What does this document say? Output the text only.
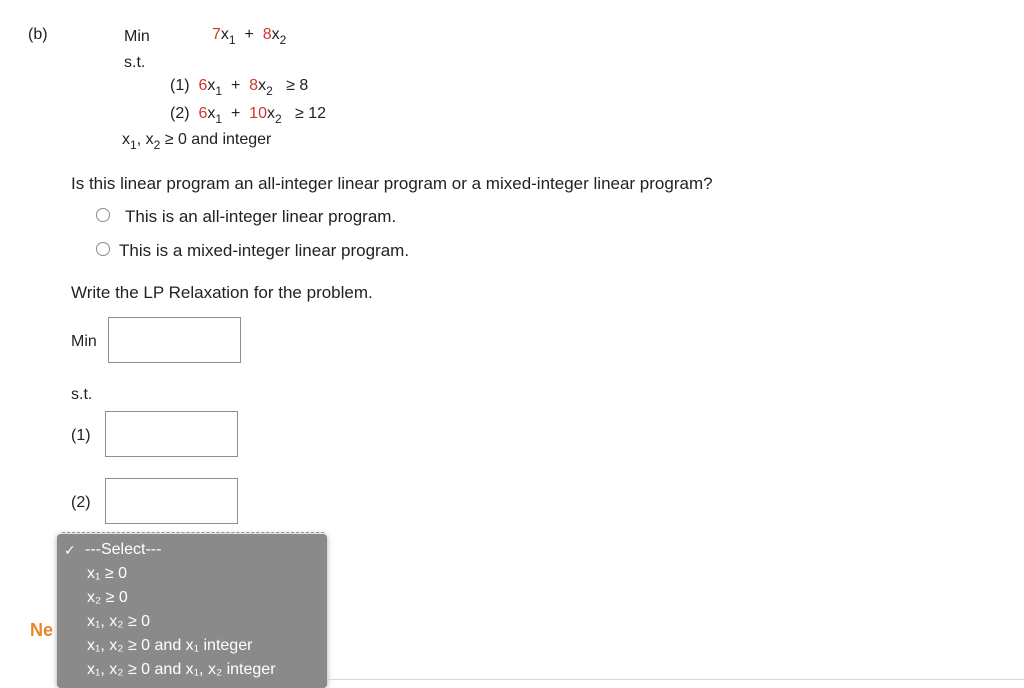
(b)	Min	$7x_1 + 8x_2$
s.t.
(1) $6x_1 + 8x_2 \ge 8$
(2) $6x_1 + 10x_2 \ge 12$
$x_1$, $x_2 \ge 0$ and integer
Is this linear program an all-integer linear program or a mixed-integer linear program?
This is an all-integer linear program.
This is a mixed-integer linear program.
Write the LP Relaxation for the problem.
Min
s.t.
(1)
(2)
Ne
✓ ---Select---
x₁ ≥ 0
x₂ ≥ 0
x₁, x₂ ≥ 0
x₁, x₂ ≥ 0 and x₁ integer
x₁, x₂ ≥ 0 and x₁, x₂ integer
